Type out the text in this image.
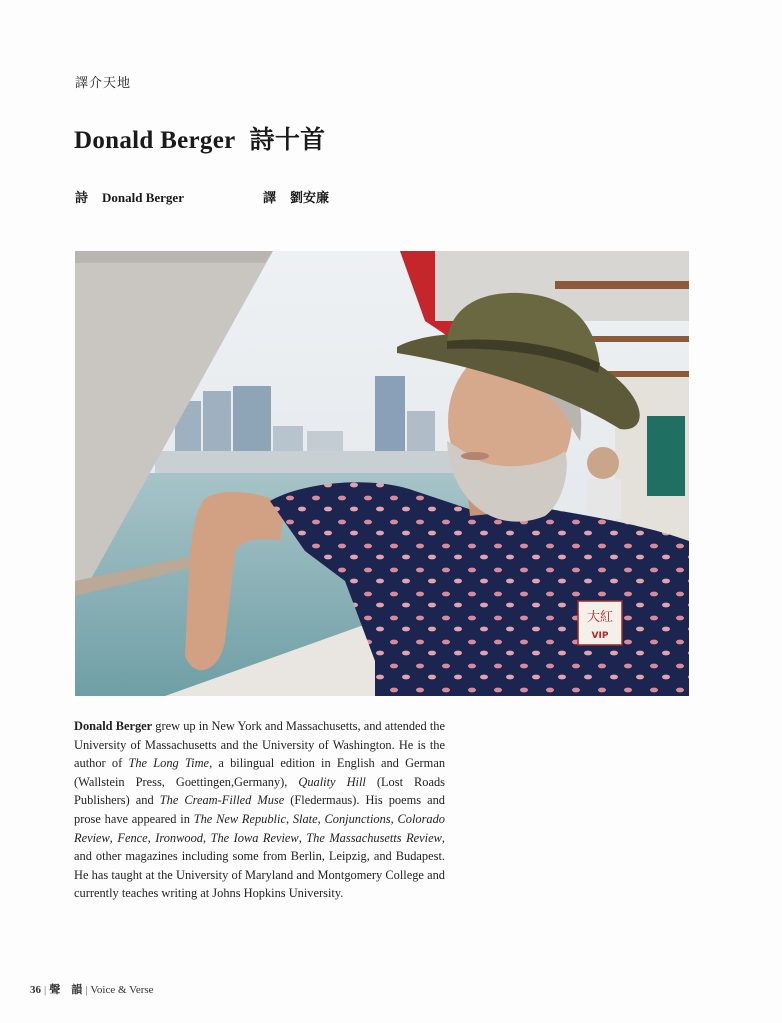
譯介天地
Donald Berger 詩十首
詩 Donald Berger	譯 劉安廉
大紅
VIP
Donald Berger grew up in New York and Massachusetts, and attended the University of Massachusetts and the University of Washington. He is the author of The Long Time, a bilingual edition in English and German (Wallstein Press, Goettingen,Germany), Quality Hill (Lost Roads Publishers) and The Cream-Filled Muse (Fledermaus). His poems and prose have appeared in The New Republic, Slate, Conjunctions, Colorado Review, Fence, Ironwood, The Iowa Review, The Massachusetts Review, and other magazines including some from Berlin, Leipzig, and Budapest. He has taught at the University of Maryland and Montgomery College and currently teaches writing at Johns Hopkins University.
36 | 聲　韻 | Voice & Verse
